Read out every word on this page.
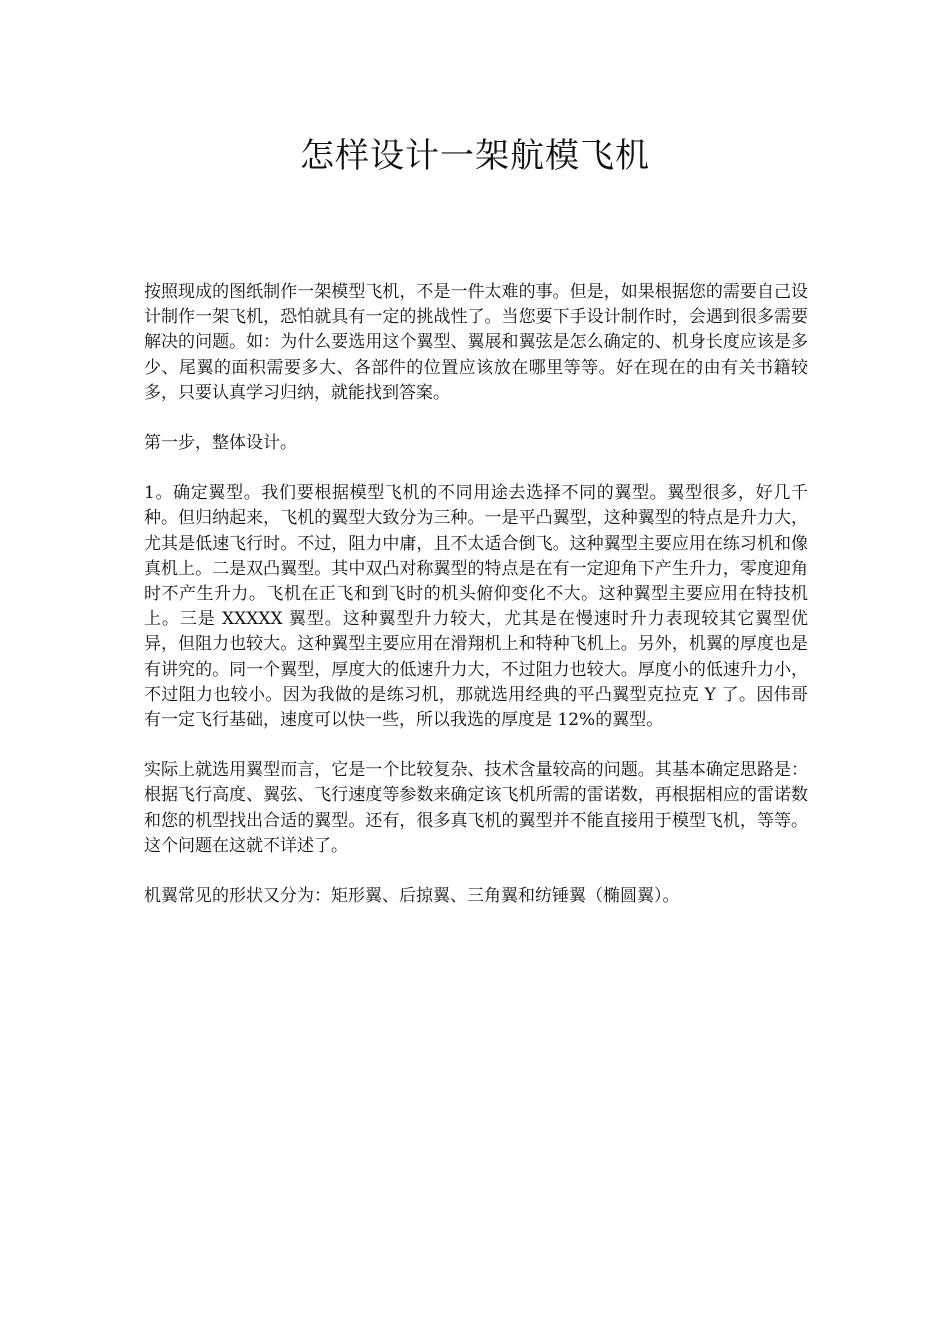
怎样设计一架航模飞机

按照现成的图纸制作一架模型飞机，不是一件太难的事。但是，如果根据您的需要自己设计制作一架飞机，恐怕就具有一定的挑战性了。当您要下手设计制作时，会遇到很多需要解决的问题。如：为什么要选用这个翼型、翼展和翼弦是怎么确定的、机身长度应该是多少、尾翼的面积需要多大、各部件的位置应该放在哪里等等。好在现在的由有关书籍较多，只要认真学习归纳，就能找到答案。

第一步，整体设计。

1。确定翼型。我们要根据模型飞机的不同用途去选择不同的翼型。翼型很多，好几千种。但归纳起来，飞机的翼型大致分为三种。一是平凸翼型，这种翼型的特点是升力大，尤其是低速飞行时。不过，阻力中庸，且不太适合倒飞。这种翼型主要应用在练习机和像真机上。二是双凸翼型。其中双凸对称翼型的特点是在有一定迎角下产生升力，零度迎角时不产生升力。飞机在正飞和到飞时的机头俯仰变化不大。这种翼型主要应用在特技机上。三是 XXXXX 翼型。这种翼型升力较大，尤其是在慢速时升力表现较其它翼型优异，但阻力也较大。这种翼型主要应用在滑翔机上和特种飞机上。另外，机翼的厚度也是有讲究的。同一个翼型，厚度大的低速升力大，不过阻力也较大。厚度小的低速升力小，不过阻力也较小。因为我做的是练习机，那就选用经典的平凸翼型克拉克 Y 了。因伟哥有一定飞行基础，速度可以快一些，所以我选的厚度是 12%的翼型。

实际上就选用翼型而言，它是一个比较复杂、技术含量较高的问题。其基本确定思路是：根据飞行高度、翼弦、飞行速度等参数来确定该飞机所需的雷诺数，再根据相应的雷诺数和您的机型找出合适的翼型。还有，很多真飞机的翼型并不能直接用于模型飞机，等等。这个问题在这就不详述了。

机翼常见的形状又分为：矩形翼、后掠翼、三角翼和纺锤翼（椭圆翼）。
